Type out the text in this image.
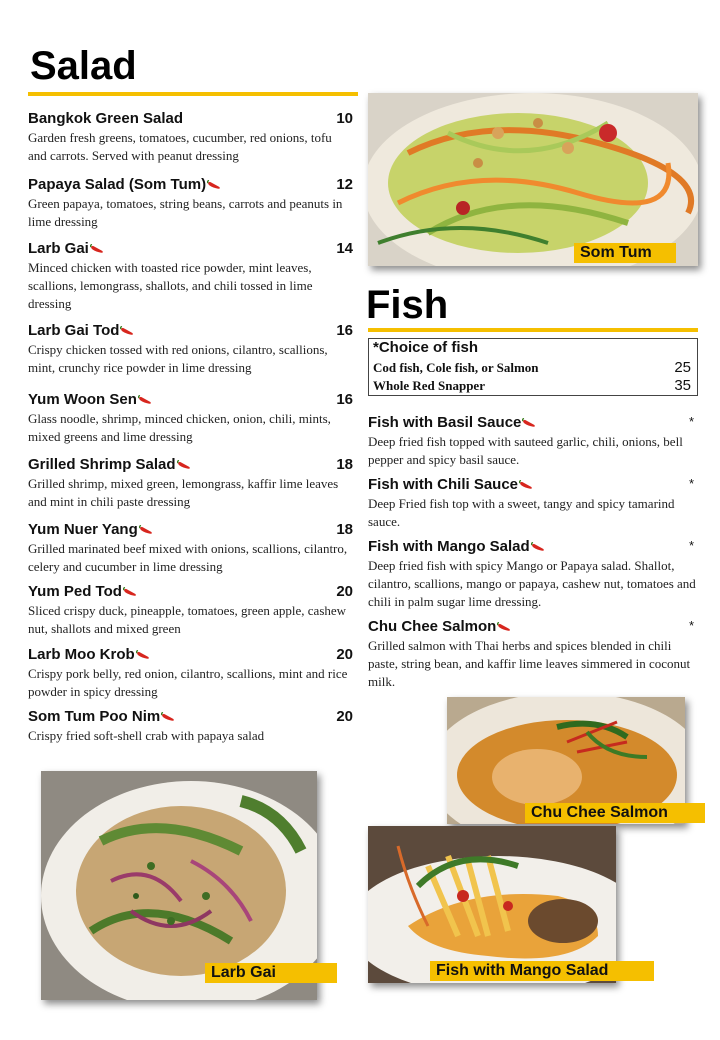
Salad
Bangkok Green Salad	10
Garden fresh greens, tomatoes, cucumber, red onions, tofu and carrots. Served with peanut dressing
Papaya Salad (Som Tum)	12
Green papaya, tomatoes, string beans, carrots and peanuts in lime dressing
Larb Gai	14
Minced chicken with toasted rice powder, mint leaves, scallions, lemongrass, shallots, and chili tossed in lime dressing
Larb Gai Tod	16
Crispy chicken tossed with red onions, cilantro, scallions, mint, crunchy rice powder in lime dressing
Yum Woon Sen	16
Glass noodle, shrimp, minced chicken, onion, chili, mints, mixed greens and lime dressing
Grilled Shrimp Salad	18
Grilled shrimp, mixed green, lemongrass, kaffir lime leaves and mint in chili paste dressing
Yum Nuer Yang	18
Grilled marinated beef mixed with onions, scallions, cilantro, celery and cucumber in lime dressing
Yum Ped Tod	20
Sliced crispy duck, pineapple, tomatoes, green apple, cashew nut, shallots and mixed green
Larb Moo Krob	20
Crispy pork belly, red onion, cilantro, scallions, mint and rice powder in spicy dressing
Som Tum Poo Nim	20
Crispy fried soft-shell crab with papaya salad
Som Tum
Fish
*Choice of fish
Cod fish, Cole fish, or Salmon	25
Whole Red Snapper	35
Fish with Basil Sauce	*
Deep fried fish topped with sauteed garlic, chili, onions, bell pepper and spicy basil sauce.
Fish with Chili Sauce	*
Deep Fried fish top with a sweet, tangy and spicy tamarind sauce.
Fish with Mango Salad	*
Deep fried fish with spicy Mango or Papaya salad. Shallot, cilantro, scallions, mango or papaya, cashew nut, tomatoes and chili in palm sugar lime dressing.
Chu Chee Salmon	*
Grilled salmon with Thai herbs and spices blended in chili paste, string bean, and kaffir lime leaves simmered in coconut milk.
Larb Gai
Chu Chee Salmon
Fish with Mango Salad
